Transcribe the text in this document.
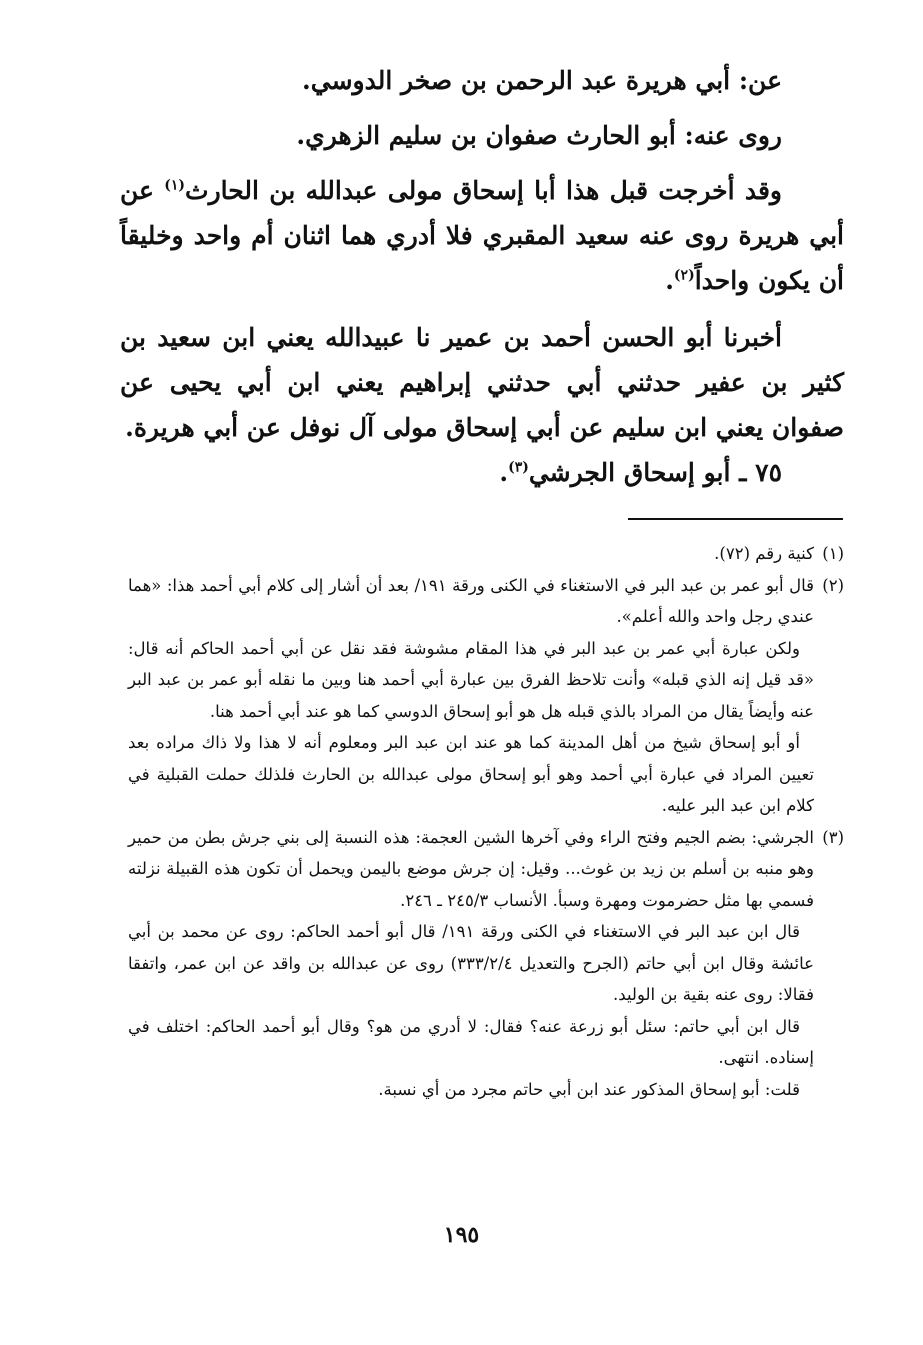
عن: أبي هريرة عبد الرحمن بن صخر الدوسي.

روى عنه: أبو الحارث صفوان بن سليم الزهري.

وقد أخرجت قبل هذا أبا إسحاق مولى عبدالله بن الحارث$^{(١)}$ عن أبي هريرة روى عنه سعيد المقبري فلا أدري هما اثنان أم واحد وخليقاً أن يكون واحداً$^{(٢)}$.

أخبرنا أبو الحسن أحمد بن عمير نا عبيدالله يعني ابن سعيد بن كثير بن عفير حدثني أبي حدثني إبراهيم يعني ابن أبي يحيى عن صفوان يعني ابن سليم عن أبي إسحاق مولى آل نوفل عن أبي هريرة.

٧٥ ـ أبو إسحاق الجرشي$^{(٣)}$.

(١)

كنية رقم (٧٢).

(٢)

قال أبو عمر بن عبد البر في الاستغناء في الكنى ورقة ١٩١/ بعد أن أشار إلى كلام أبي أحمد هذا: «هما عندي رجل واحد والله أعلم».

ولكن عبارة أبي عمر بن عبد البر في هذا المقام مشوشة فقد نقل عن أبي أحمد الحاكم أنه قال: «قد قيل إنه الذي قبله» وأنت تلاحظ الفرق بين عبارة أبي أحمد هنا وبين ما نقله أبو عمر بن عبد البر عنه وأيضاً يقال من المراد بالذي قبله هل هو أبو إسحاق الدوسي كما هو عند أبي أحمد هنا.

أو أبو إسحاق شيخ من أهل المدينة كما هو عند ابن عبد البر ومعلوم أنه لا هذا ولا ذاك مراده بعد تعيين المراد في عبارة أبي أحمد وهو أبو إسحاق مولى عبدالله بن الحارث فلذلك حملت القبلية في كلام ابن عبد البر عليه.

(٣)

الجرشي: بضم الجيم وفتح الراء وفي آخرها الشين العجمة: هذه النسبة إلى بني جرش بطن من حمير وهو منبه بن أسلم بن زيد بن غوث... وقيل: إن جرش موضع باليمن ويحمل أن تكون هذه القبيلة نزلته فسمي بها مثل حضرموت ومهرة وسبأ. الأنساب ٢٤٥/٣ ـ ٢٤٦.

قال ابن عبد البر في الاستغناء في الكنى ورقة ١٩١/ قال أبو أحمد الحاكم: روى عن محمد بن أبي عائشة وقال ابن أبي حاتم (الجرح والتعديل ٣٣٣/٢/٤) روى عن عبدالله بن واقد عن ابن عمر، واتفقا فقالا: روى عنه بقية بن الوليد.

قال ابن أبي حاتم: سئل أبو زرعة عنه؟ فقال: لا أدري من هو؟ وقال أبو أحمد الحاكم: اختلف في إسناده. انتهى.

قلت: أبو إسحاق المذكور عند ابن أبي حاتم مجرد من أي نسبة.

١٩٥
